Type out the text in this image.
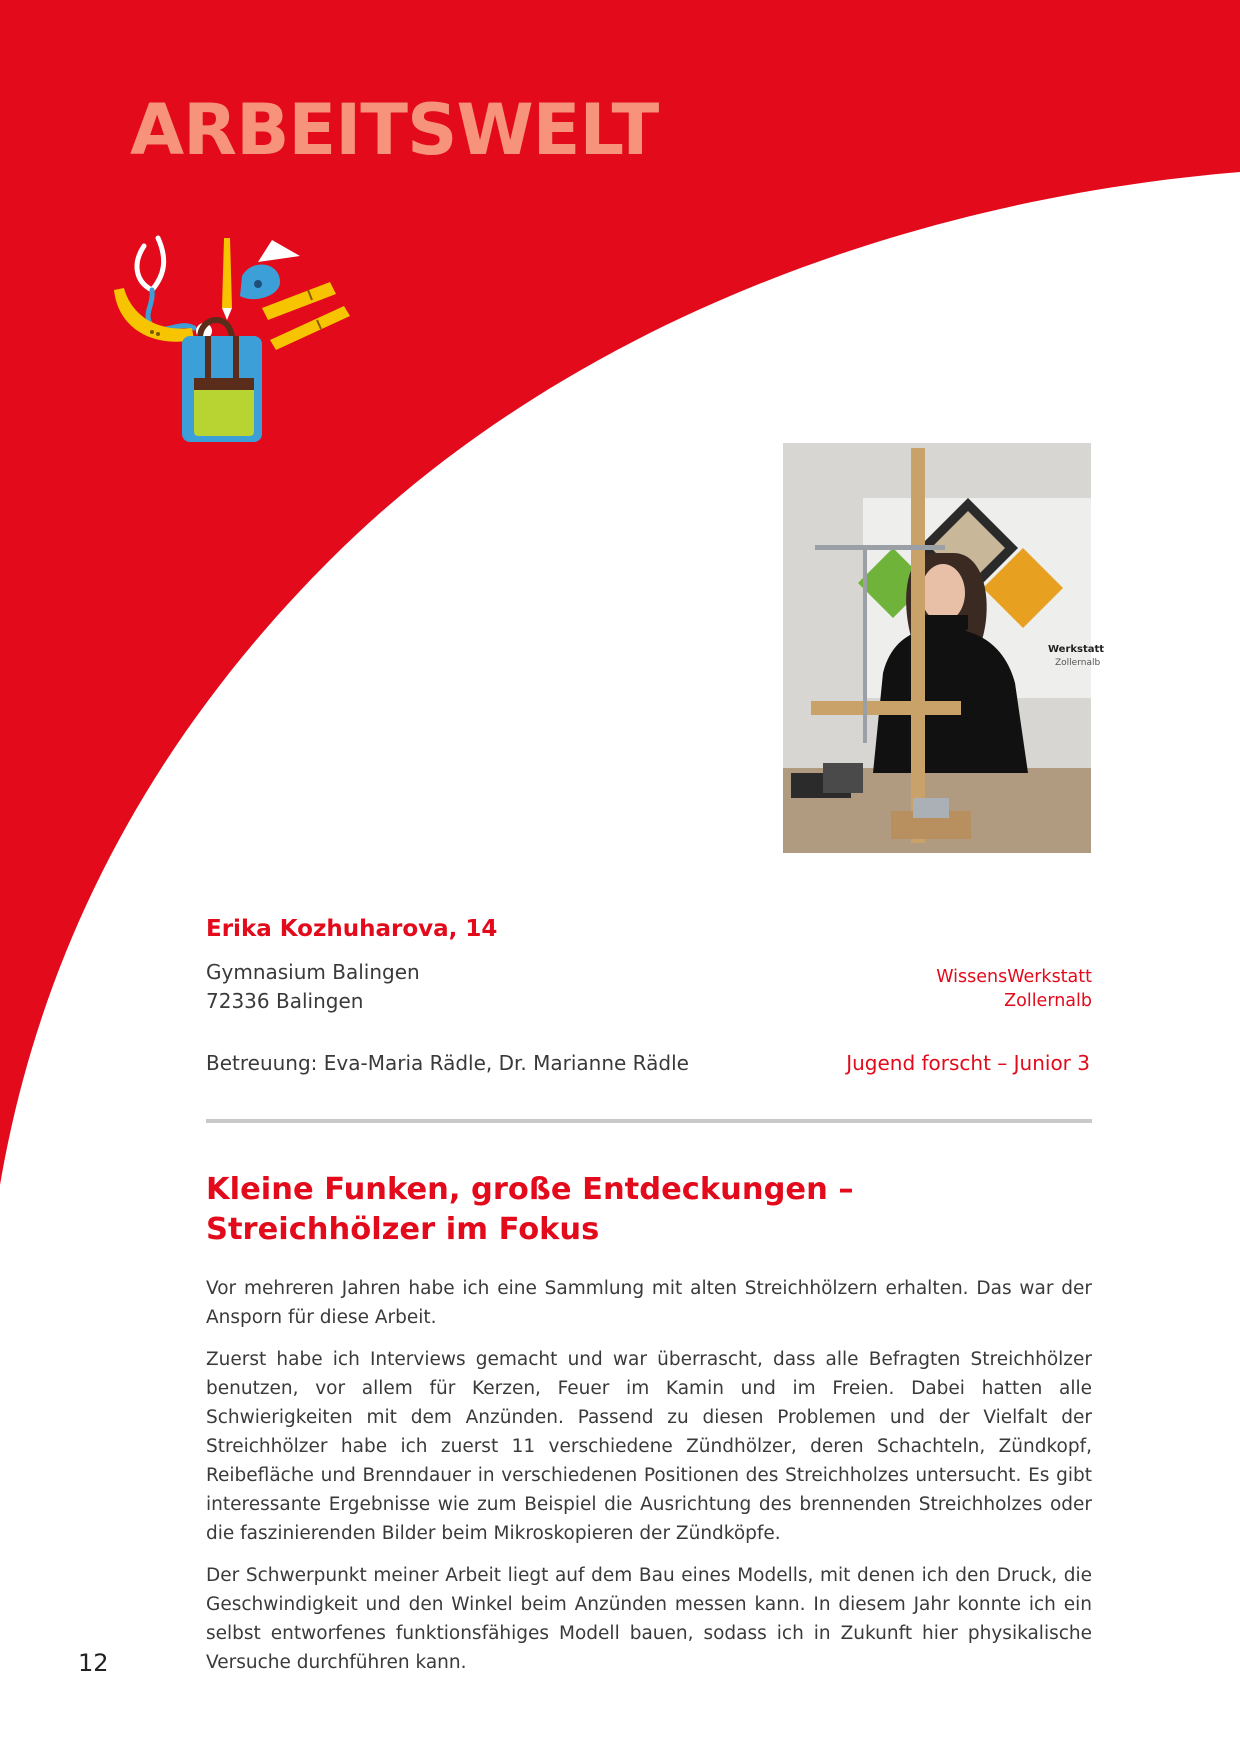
ARBEITSWELT
Werkstatt
Zollernalb
Erika Kozhuharova, 14
Gymnasium Balingen
72336 Balingen
WissensWerkstatt
Zollernalb
Betreuung: Eva-Maria Rädle, Dr. Marianne Rädle	Jugend forscht – Junior 3
Kleine Funken, große Entdeckungen –
Streichhölzer im Fokus

Vor mehreren Jahren habe ich eine Sammlung mit alten Streichhölzern erhalten. Das war der Ansporn für diese Arbeit.

Zuerst habe ich Interviews gemacht und war überrascht, dass alle Befragten Streichhölzer benutzen, vor allem für Kerzen, Feuer im Kamin und im Freien. Dabei hatten alle Schwierigkeiten mit dem Anzünden. Passend zu diesen Problemen und der Vielfalt der Streichhölzer habe ich zuerst 11 verschiedene Zündhölzer, deren Schachteln, Zündkopf, Reibefläche und Brenndauer in verschiedenen Positionen des Streichholzes untersucht. Es gibt interessante Ergebnisse wie zum Beispiel die Ausrichtung des brennenden Streichholzes oder die faszinierenden Bilder beim Mikroskopieren der Zündköpfe.

Der Schwerpunkt meiner Arbeit liegt auf dem Bau eines Modells, mit denen ich den Druck, die Geschwindigkeit und den Winkel beim Anzünden messen kann. In diesem Jahr konnte ich ein selbst entworfenes funktionsfähiges Modell bauen, sodass ich in Zukunft hier physikalische Versuche durchführen kann.

12
